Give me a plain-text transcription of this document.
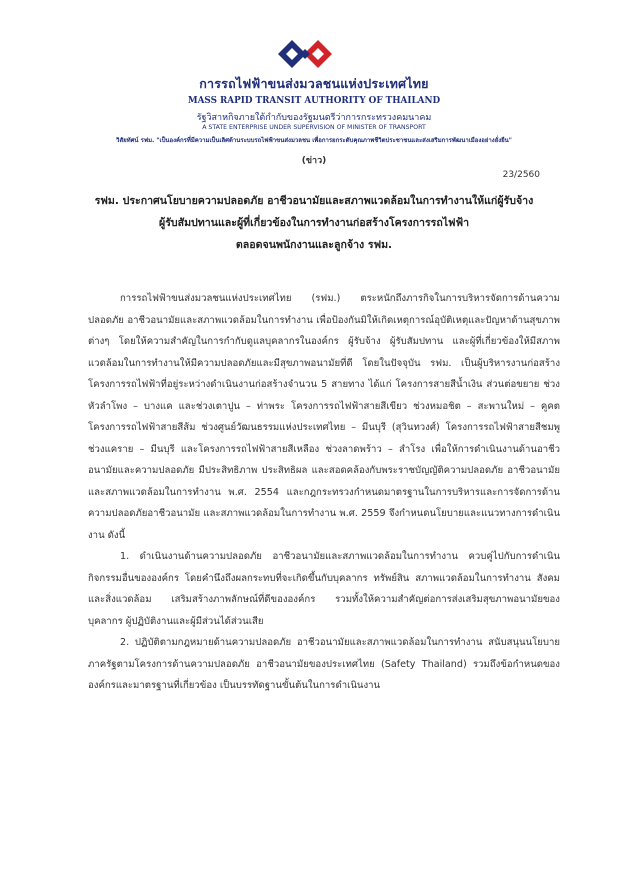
การรถไฟฟ้าขนส่งมวลชนแห่งประเทศไทย
MASS RAPID TRANSIT AUTHORITY OF THAILAND
รัฐวิสาหกิจภายใต้กำกับของรัฐมนตรีว่าการกระทรวงคมนาคม
A STATE ENTERPRISE UNDER SUPERVISION OF MINISTER OF TRANSPORT
วิสัยทัศน์ รฟม. "เป็นองค์กรที่มีความเป็นเลิศด้านระบบรถไฟฟ้าขนส่งมวลชน เพื่อการยกระดับคุณภาพชีวิตประชาชนและส่งเสริมการพัฒนาเมืองอย่างยั่งยืน"
(ข่าว)
23/2560
รฟม. ประกาศนโยบายความปลอดภัย อาชีวอนามัยและสภาพแวดล้อมในการทำงานให้แก่ผู้รับจ้าง
ผู้รับสัมปทานและผู้ที่เกี่ยวข้องในการทำงานก่อสร้างโครงการรถไฟฟ้า
ตลอดจนพนักงานและลูกจ้าง รฟม.

การรถไฟฟ้าขนส่งมวลชนแห่งประเทศไทย (รฟม.) ตระหนักถึงภารกิจในการบริหารจัดการด้านความปลอดภัย อาชีวอนามัยและสภาพแวดล้อมในการทำงาน เพื่อป้องกันมิให้เกิดเหตุการณ์อุบัติเหตุและปัญหาด้านสุขภาพต่างๆ โดยให้ความสำคัญในการกำกับดูแลบุคลากรในองค์กร ผู้รับจ้าง ผู้รับสัมปทาน และผู้ที่เกี่ยวข้องให้มีสภาพแวดล้อมในการทำงานให้มีความปลอดภัยและมีสุขภาพอนามัยที่ดี โดยในปัจจุบัน รฟม. เป็นผู้บริหารงานก่อสร้างโครงการรถไฟฟ้าที่อยู่ระหว่างดำเนินงานก่อสร้างจำนวน 5 สายทาง ได้แก่ โครงการสายสีน้ำเงิน ส่วนต่อขยาย ช่วงหัวลำโพง – บางแค และช่วงเตาปูน – ท่าพระ โครงการรถไฟฟ้าสายสีเขียว ช่วงหมอชิต – สะพานใหม่ – คูคต โครงการรถไฟฟ้าสายสีส้ม ช่วงศูนย์วัฒนธรรมแห่งประเทศไทย – มีนบุรี (สุวินทวงศ์) โครงการรถไฟฟ้าสายสีชมพู ช่วงแคราย – มีนบุรี และโครงการรถไฟฟ้าสายสีเหลือง ช่วงลาดพร้าว – สำโรง เพื่อให้การดำเนินงานด้านอาชีวอนามัยและความปลอดภัย มีประสิทธิภาพ ประสิทธิผล และสอดคล้องกับพระราชบัญญัติความปลอดภัย อาชีวอนามัยและสภาพแวดล้อมในการทำงาน พ.ศ. 2554 และกฎกระทรวงกำหนดมาตรฐานในการบริหารและการจัดการด้านความปลอดภัยอาชีวอนามัย และสภาพแวดล้อมในการทำงาน พ.ศ. 2559 จึงกำหนดนโยบายและแนวทางการดำเนินงาน ดังนี้

1. ดำเนินงานด้านความปลอดภัย อาชีวอนามัยและสภาพแวดล้อมในการทำงาน ควบคู่ไปกับการดำเนินกิจกรรมอื่นขององค์กร โดยคำนึงถึงผลกระทบที่จะเกิดขึ้นกับบุคลากร ทรัพย์สิน สภาพแวดล้อมในการทำงาน สังคมและสิ่งแวดล้อม เสริมสร้างภาพลักษณ์ที่ดีขององค์กร รวมทั้งให้ความสำคัญต่อการส่งเสริมสุขภาพอนามัยของบุคลากร ผู้ปฏิบัติงานและผู้มีส่วนได้ส่วนเสีย

2. ปฏิบัติตามกฎหมายด้านความปลอดภัย อาชีวอนามัยและสภาพแวดล้อมในการทำงาน สนับสนุนนโยบายภาครัฐตามโครงการด้านความปลอดภัย อาชีวอนามัยของประเทศไทย (Safety Thailand) รวมถึงข้อกำหนดขององค์กรและมาตรฐานที่เกี่ยวข้อง เป็นบรรทัดฐานขั้นต้นในการดำเนินงาน
